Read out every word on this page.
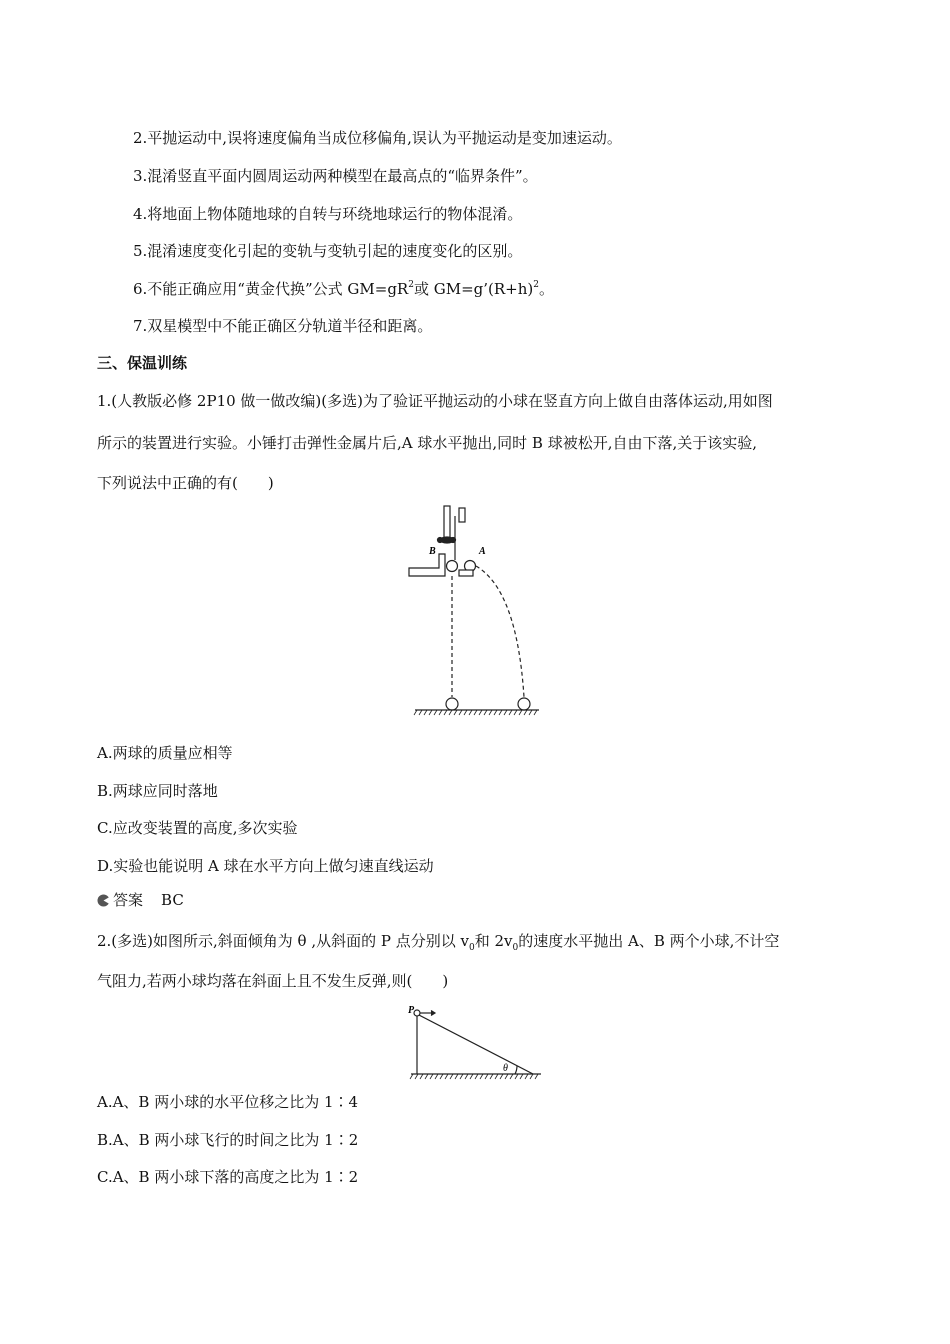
2.平抛运动中,误将速度偏角当成位移偏角,误认为平抛运动是变加速运动。
3.混淆竖直平面内圆周运动两种模型在最高点的“临界条件”。
4.将地面上物体随地球的自转与环绕地球运行的物体混淆。
5.混淆速度变化引起的变轨与变轨引起的速度变化的区别。
6.不能正确应用“黄金代换”公式 $GM=gR^2$或 $GM=g’(R+h)^2$。
7.双星模型中不能正确区分轨道半径和距离。
三、保温训练
1.(人教版必修 2P10 做一做改编)(多选)为了验证平抛运动的小球在竖直方向上做自由落体运动,用如图
所示的装置进行实验。小锤打击弹性金属片后,A 球水平抛出,同时 B 球被松开,自由下落,关于该实验,
下列说法中正确的有(　　)
B	A
A.两球的质量应相等
B.两球应同时落地
C.应改变装置的高度,多次实验
D.实验也能说明 A 球在水平方向上做匀速直线运动
答案 BC
2.(多选)如图所示,斜面倾角为 θ ,从斜面的 P 点分别以 $v_0$和 $2v_0$的速度水平抛出 A、B 两个小球,不计空
气阻力,若两小球均落在斜面上且不发生反弹,则(　　)
P
θ
A.A、B 两小球的水平位移之比为 1∶4
B.A、B 两小球飞行的时间之比为 1∶2
C.A、B 两小球下落的高度之比为 1∶2
